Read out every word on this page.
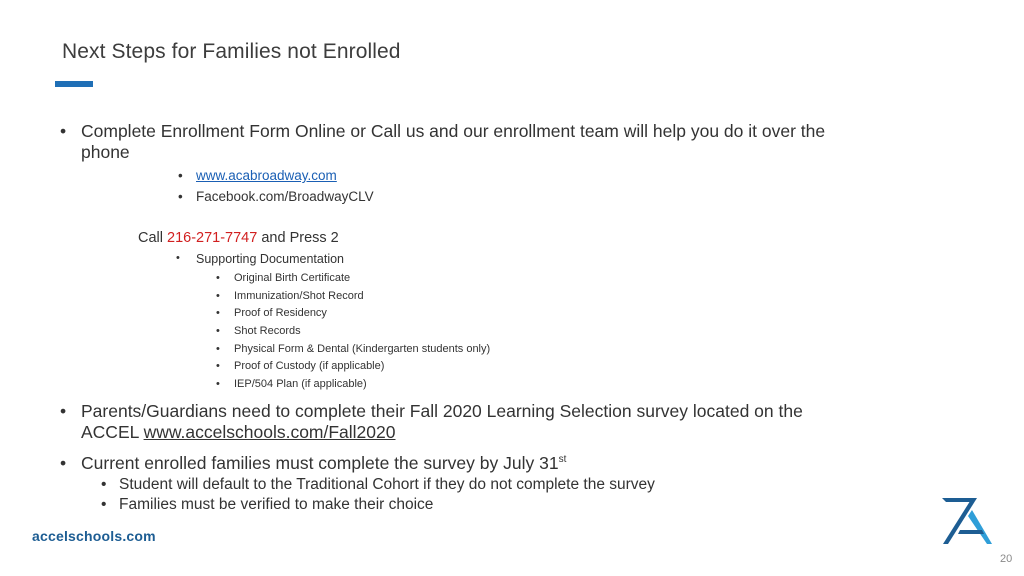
Next Steps for Families not Enrolled
• Complete Enrollment Form Online or Call us and our enrollment team will help you do it over the
phone
• www.acabroadway.com
• Facebook.com/BroadwayCLV
Call 216-271-7747 and Press 2
• Supporting Documentation
• Original Birth Certificate
• Immunization/Shot Record
• Proof of Residency
• Shot Records
• Physical Form & Dental (Kindergarten students only)
• Proof of Custody (if applicable)
• IEP/504 Plan (if applicable)
• Parents/Guardians need to complete their Fall 2020 Learning Selection survey located on the
ACCEL www.accelschools.com/Fall2020
• Current enrolled families must complete the survey by July 31st
• Student will default to the Traditional Cohort if they do not complete the survey
• Families must be verified to make their choice
accelschools.com
20
